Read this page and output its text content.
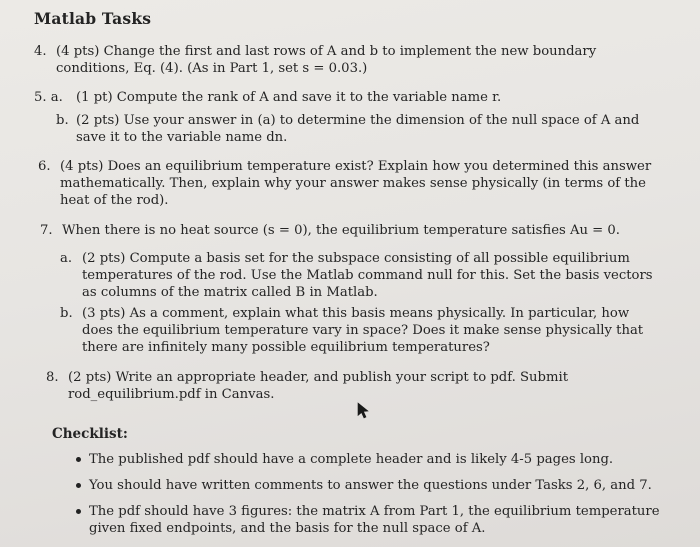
Matlab Tasks
4. (4 pts) Change the first and last rows of A and b to implement the new boundary conditions, Eq. (4). (As in Part 1, set s = 0.03.)
5. a. (1 pt) Compute the rank of A and save it to the variable name r.
b. (2 pts) Use your answer in (a) to determine the dimension of the null space of A and save it to the variable name dn.
6. (4 pts) Does an equilibrium temperature exist? Explain how you determined this answer mathematically. Then, explain why your answer makes sense physically (in terms of the heat of the rod).
7. When there is no heat source (s = 0), the equilibrium temperature satisfies Au = 0.
a. (2 pts) Compute a basis set for the subspace consisting of all possible equilibrium temperatures of the rod. Use the Matlab command null for this. Set the basis vectors as columns of the matrix called B in Matlab.
b. (3 pts) As a comment, explain what this basis means physically. In particular, how does the equilibrium temperature vary in space? Does it make sense physically that there are infinitely many possible equilibrium temperatures?
8. (2 pts) Write an appropriate header, and publish your script to pdf. Submit rod_equilibrium.pdf in Canvas.
Checklist:
The published pdf should have a complete header and is likely 4-5 pages long.
You should have written comments to answer the questions under Tasks 2, 6, and 7.
The pdf should have 3 figures: the matrix A from Part 1, the equilibrium temperature given fixed endpoints, and the basis for the null space of A.
